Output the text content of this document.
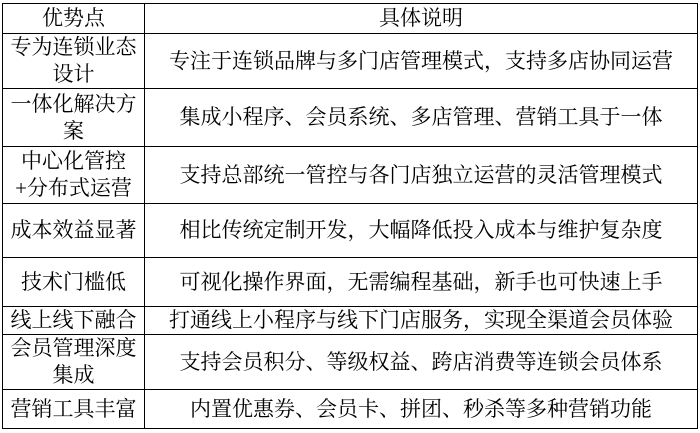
优势点	具体说明
专为连锁业态设计	专注于连锁品牌与多门店管理模式，支持多店协同运营
一体化解决方案	集成小程序、会员系统、多店管理、营销工具于一体
中心化管控+分布式运营	支持总部统一管控与各门店独立运营的灵活管理模式
成本效益显著	相比传统定制开发，大幅降低投入成本与维护复杂度
技术门槛低	可视化操作界面，无需编程基础，新手也可快速上手
线上线下融合	打通线上小程序与线下门店服务，实现全渠道会员体验
会员管理深度集成	支持会员积分、等级权益、跨店消费等连锁会员体系
营销工具丰富	内置优惠券、会员卡、拼团、秒杀等多种营销功能
